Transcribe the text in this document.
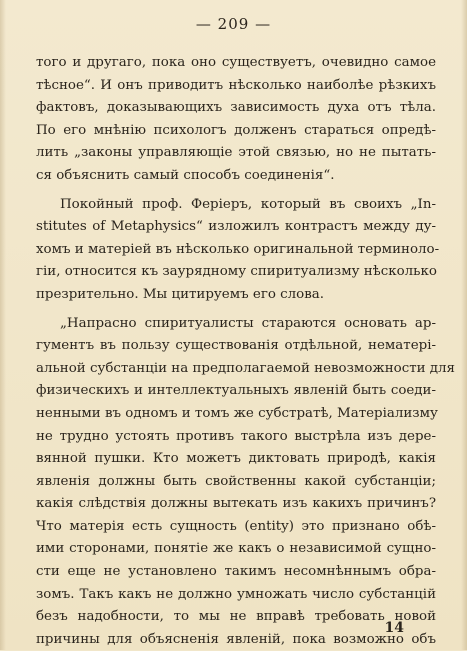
— 209 —
того и другаго, пока оно существуетъ, очевидно самое
тѣсное“. И онъ приводитъ нѣсколько наиболѣе рѣзкихъ
фактовъ, доказывающихъ зависимость духа отъ тѣла.
По его мнѣнію психологъ долженъ стараться опредѣ-
лить „законы управляющіе этой связью, но не пытать-
ся объяснить самый способъ соединенія“.
Покойный проф. Феріеръ, который въ своихъ „In-
stitutes of Metaphysics“ изложилъ контрастъ между ду-
хомъ и матеріей въ нѣсколько оригинальной терминоло-
гіи, относится къ заурядному спиритуализму нѣсколько
презрительно. Мы цитируемъ его слова.
„Напрасно спиритуалисты стараются основать ар-
гументъ въ пользу существованія отдѣльной, нематері-
альной субстанціи на предполагаемой невозможности для
физическихъ и интеллектуальныхъ явленій быть соеди-
ненными въ одномъ и томъ же субстратѣ, Матеріализму
не трудно устоять противъ такого выстрѣла изъ дере-
вянной пушки. Кто можетъ диктовать природѣ, какія
явленія должны быть свойственны какой субстанціи;
какія слѣдствія должны вытекать изъ какихъ причинъ?
Что матерія есть сущность (entity) это признано обѣ-
ими сторонами, понятіе же какъ о независимой сущно-
сти еще не установлено такимъ несомнѣннымъ обра-
зомъ. Такъ какъ не должно умножать число субстанцій
безъ надобности, то мы не вправѣ требовать новой
причины для объясненія явленій, пока возможно объ
14
